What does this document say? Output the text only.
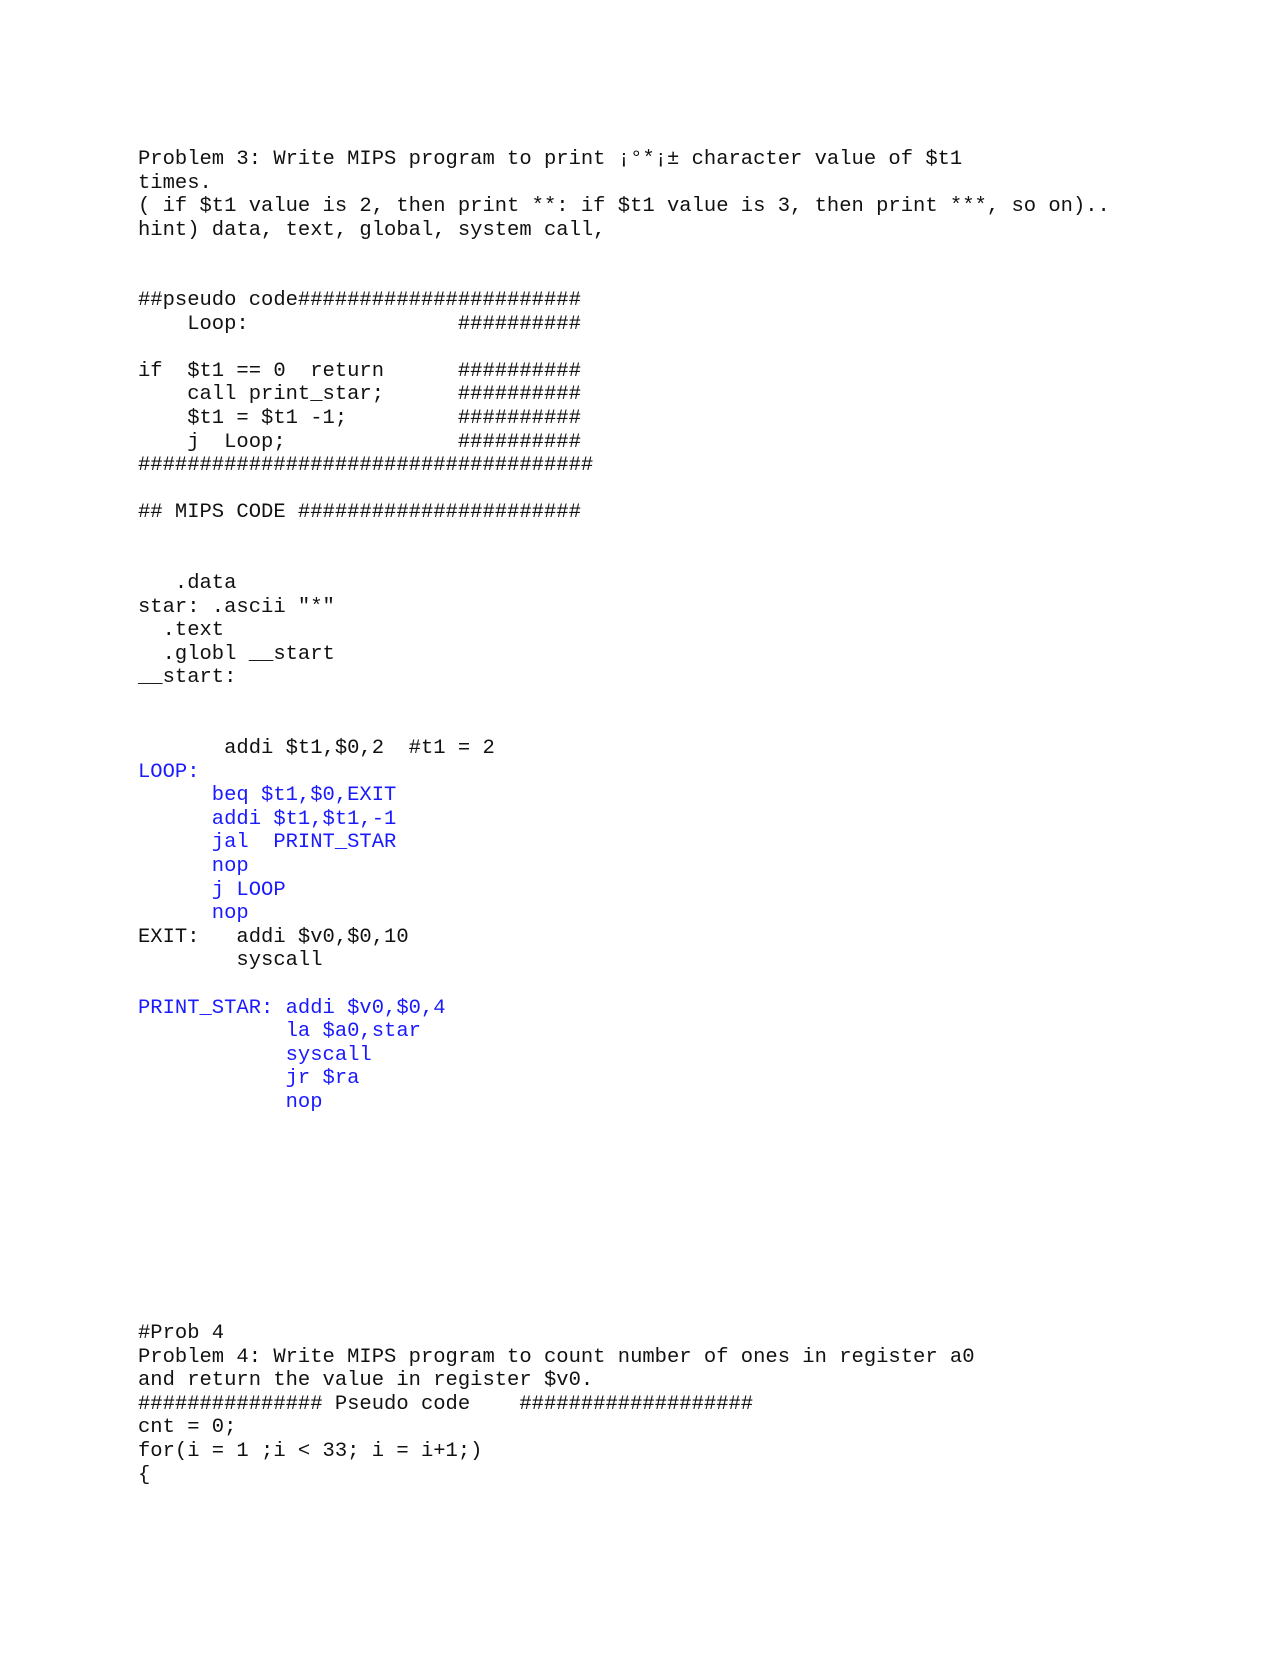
Problem 3: Write MIPS program to print ¡°*¡± character value of $t1
times.
( if $t1 value is 2, then print **: if $t1 value is 3, then print ***, so on)..
hint) data, text, global, system call,
##pseudo code#######################
Loop:                 ##########
if  $t1 == 0  return      ##########
call print_star;      ##########
$t1 = $t1 -1;         ##########
j  Loop;              ##########
#####################################
## MIPS CODE #######################
.data
star: .ascii "*"
.text
.globl __start
__start:
addi $t1,$0,2  #t1 = 2
LOOP:
beq $t1,$0,EXIT
addi $t1,$t1,-1
jal  PRINT_STAR
nop
j LOOP
nop
EXIT:   addi $v0,$0,10
syscall
PRINT_STAR: addi $v0,$0,4
la $a0,star
syscall
jr $ra
nop
#Prob 4
Problem 4: Write MIPS program to count number of ones in register a0
and return the value in register $v0.
############### Pseudo code    ###################
cnt = 0;
for(i = 1 ;i < 33; i = i+1;)
{
